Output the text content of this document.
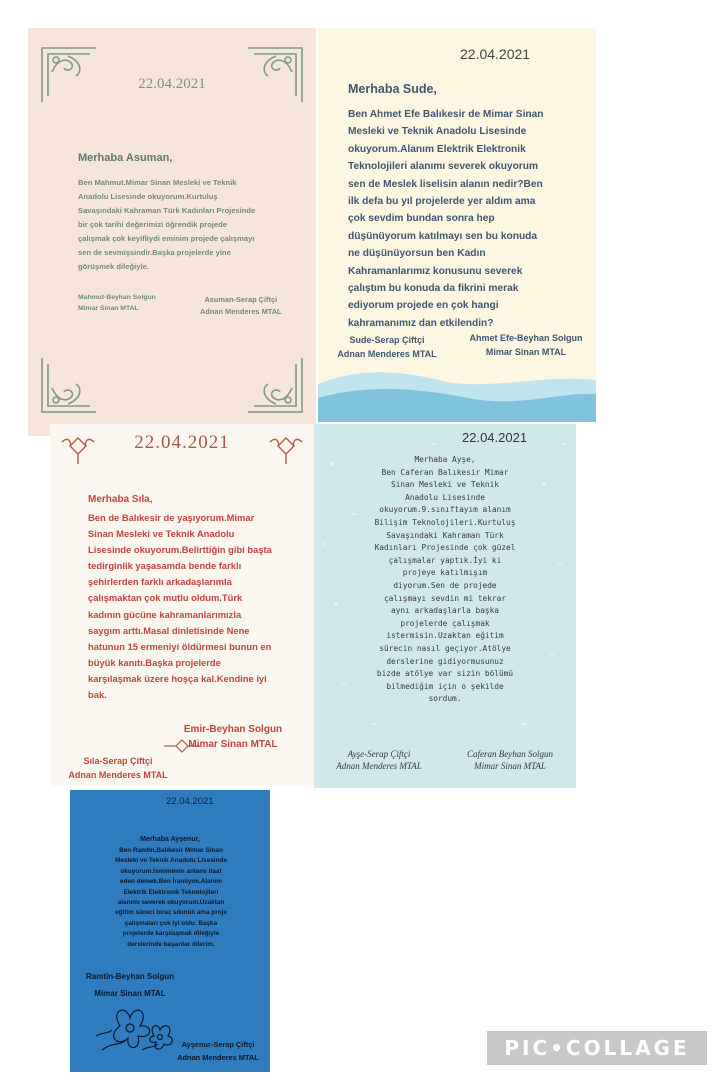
22.04.2021
Merhaba Asuman,
Ben Mahmut.Mimar Sinan Mesleki ve Teknik
Anadolu Lisesinde okuyorum.Kurtuluş
Savaşındaki Kahraman Türk Kadınları Projesinde
bir çok tarihi değerimizi öğrendik projede
çalışmak çok keyifliydi eminim projede çalışmayı
sen de sevmişsindir.Başka projelerde yine
görüşmek dileğiyle.
Mahmut-Beyhan Solgun
Mimar Sinan MTAL
Asuman-Serap Çiftçi
Adnan Menderes MTAL
22.04.2021
Merhaba Sude,
Ben Ahmet Efe Balıkesir de Mimar Sinan
Mesleki ve Teknik Anadolu Lisesinde
okuyorum.Alanım Elektrik Elektronik
Teknolojileri alanımı severek okuyorum
sen de Meslek liselisin alanın nedir?Ben
ilk defa bu yıl projelerde yer aldım ama
çok sevdim bundan sonra hep
düşünüyorum katılmayı sen bu konuda
ne düşünüyorsun ben Kadın
Kahramanlarımız konusunu severek
çalıştım bu konuda da fikrini merak
ediyorum projede en çok hangi
kahramanımız dan etkilendin?
Sude-Serap Çiftçi
Adnan Menderes MTAL
Ahmet Efe-Beyhan Solgun
Mimar Sinan MTAL
22.04.2021
Merhaba Sıla,
Ben de Balıkesir de yaşıyorum.Mimar
Sinan Mesleki ve Teknik Anadolu
Lisesinde okuyorum.Belirttiğin gibi başta
tedirginlik yaşasamda bende farklı
şehirlerden farklı arkadaşlarımla
çalışmaktan çok mutlu oldum.Türk
kadının gücüne kahramanlarımızla
saygım arttı.Masal dinletisinde Nene
hatunun 15 ermeniyi öldürmesi bunun en
büyük kanıtı.Başka projelerde
karşılaşmak üzere hoşça kal.Kendine iyi
bak.
Emir-Beyhan Solgun
Mimar Sinan MTAL
Sıla-Serap Çiftçi
Adnan Menderes MTAL
22.04.2021
Merhaba Ayşe,
Ben Caferan Balıkesir Mimar
Sinan Mesleki ve Teknik
Anadolu Lisesinde
okuyorum.9.sınıftayım alanım
Bilişim Teknolojileri.Kurtuluş
Savaşındaki Kahraman Türk
Kadınları Projesinde çok güzel
çalışmalar yaptık.İyi ki
projeye katılmışım
diyorum.Sen de projede
çalışmayı sevdin mi tekrar
aynı arkadaşlarla başka
projelerde çalışmak
istermisin.Uzaktan eğitim
sürecin nasıl geçiyor.Atölye
derslerine gidiyormusunuz
bizde atölye var sizin bölümü
bilmediğim için o şekilde
sordum.
Ayşe-Serap Çiftçi
Adnan Menderes MTAL
Caferan Beyhan Solgun
Mimar Sinan MTAL
22.04.2021
Merhaba Ayşenur,
Ben Ramtin,Balıkesir Mimar Sinan
Mesleki ve Teknik Anadolu Lisesinde
okuyorum.İsmimimin anlamı itaat
eden demek.Ben İranlıyım.Alanım
Elektrik Elektronik Teknolojileri
alanımı severek okuyorum.Uzaktan
eğitim süreci biraz sıkıntılı ama proje
çalışmaları çok iyi oldu. Başka
projelerde karşılaşmak dileğiyle
derslerinde başarılar dilerim.
Ramtin-Beyhan Solgun
Mimar Sinan MTAL
Ayşenur-Serap Çiftçi
Adnan Menderes MTAL	PIC•COLLAGE
